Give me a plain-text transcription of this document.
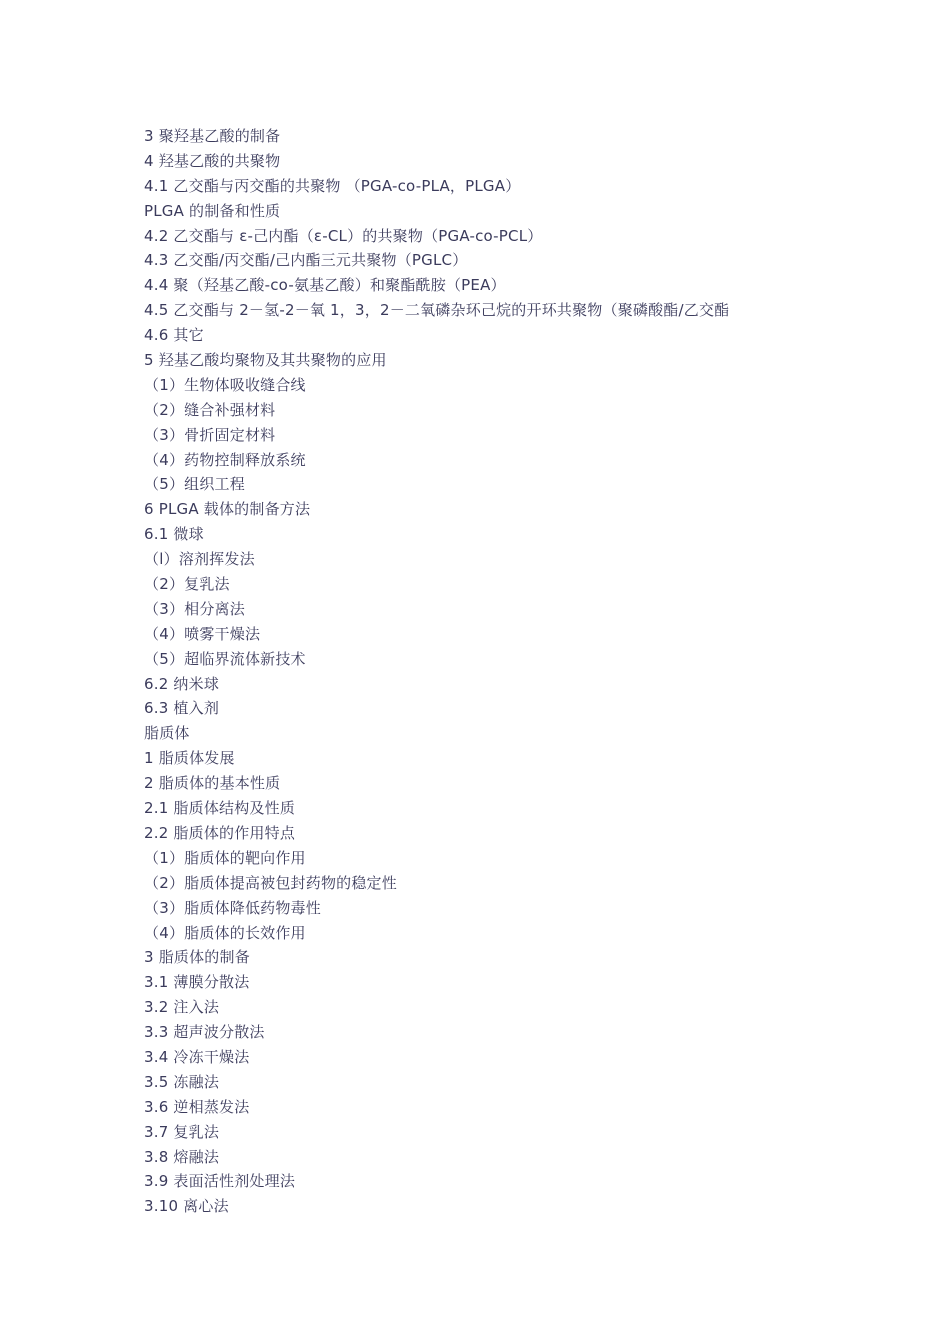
3 聚羟基乙酸的制备
4 羟基乙酸的共聚物
4.1 乙交酯与丙交酯的共聚物 （PGA-co-PLA，PLGA）
PLGA 的制备和性质
4.2 乙交酯与 ε-己内酯（ε-CL）的共聚物（PGA-co-PCL）
4.3 乙交酯/丙交酯/己内酯三元共聚物（PGLC）
4.4 聚（羟基乙酸-co-氨基乙酸）和聚酯酰胺（PEA）
4.5 乙交酯与 2－氢-2－氧 1，3，2－二氧磷杂环己烷的开环共聚物（聚磷酸酯/乙交酯
4.6 其它
5 羟基乙酸均聚物及其共聚物的应用
（1）生物体吸收缝合线
（2）缝合补强材料
（3）骨折固定材料
（4）药物控制释放系统
（5）组织工程
6 PLGA 载体的制备方法
6.1 微球
（l）溶剂挥发法
（2）复乳法
（3）相分离法
（4）喷雾干燥法
（5）超临界流体新技术
6.2 纳米球
6.3 植入剂
脂质体
1 脂质体发展
2 脂质体的基本性质
2.1 脂质体结构及性质
2.2 脂质体的作用特点
（1）脂质体的靶向作用
（2）脂质体提高被包封药物的稳定性
（3）脂质体降低药物毒性
（4）脂质体的长效作用
3 脂质体的制备
3.1 薄膜分散法
3.2 注入法
3.3 超声波分散法
3.4 冷冻干燥法
3.5 冻融法
3.6 逆相蒸发法
3.7 复乳法
3.8 熔融法
3.9 表面活性剂处理法
3.10 离心法
